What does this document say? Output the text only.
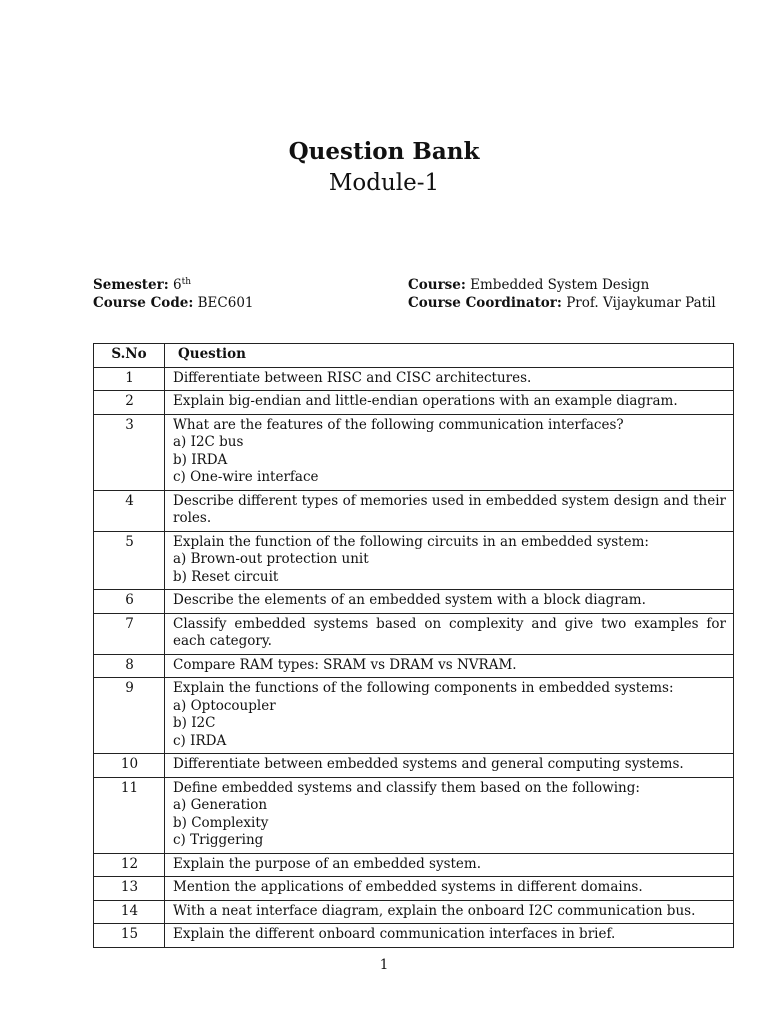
Question Bank
Module-1
Semester: 6th
Course Code: BEC601
Course: Embedded System Design
Course Coordinator: Prof. Vijaykumar Patil
S.No	Question
1	Differentiate between RISC and CISC architectures.
2	Explain big-endian and little-endian operations with an example diagram.
3	What are the features of the following communication interfaces?
a) I2C bus
b) IRDA
c) One-wire interface

4	Describe different types of memories used in embedded system design and their roles.
5	Explain the function of the following circuits in an embedded system:
a) Brown-out protection unit
b) Reset circuit

6	Describe the elements of an embedded system with a block diagram.
7	Classify embedded systems based on complexity and give two examples for each category.
8	Compare RAM types: SRAM vs DRAM vs NVRAM.
9	Explain the functions of the following components in embedded systems:
a) Optocoupler
b) I2C
c) IRDA

10	Differentiate between embedded systems and general computing systems.
11	Define embedded systems and classify them based on the following:
a) Generation
b) Complexity
c) Triggering

12	Explain the purpose of an embedded system.
13	Mention the applications of embedded systems in different domains.
14	With a neat interface diagram, explain the onboard I2C communication bus.
15	Explain the different onboard communication interfaces in brief.
1
